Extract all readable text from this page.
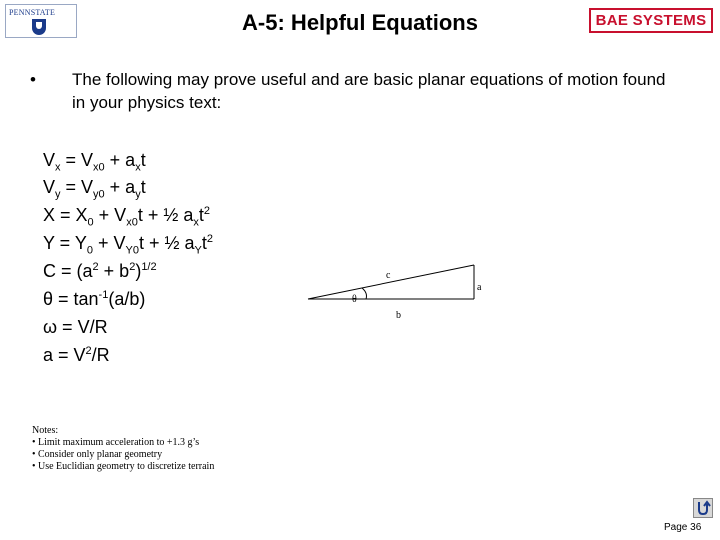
PENNSTATE	A-5: Helpful Equations	BAE SYSTEMS
• The following may prove useful and are basic planar equations of motion found in your physics text:
$V_x = V_{x0} + a_xt$
$V_y = V_{y0} + a_yt$
$X = X_0 + V_{x0}t$ + ½ $a_xt^2$
$Y = Y_0 + V_{Y0}t$ + ½ $a_Yt^2$
$C = (a^2 + b^2)^{1/2}$
$\theta = \tan^{-1}(a/b)$
ω = V/R
$a = V^2/R$
c
a
b
θ
Notes:
• Limit maximum acceleration to +1.3 g’s
• Consider only planar geometry
• Use Euclidian geometry to discretize terrain
Page 36
